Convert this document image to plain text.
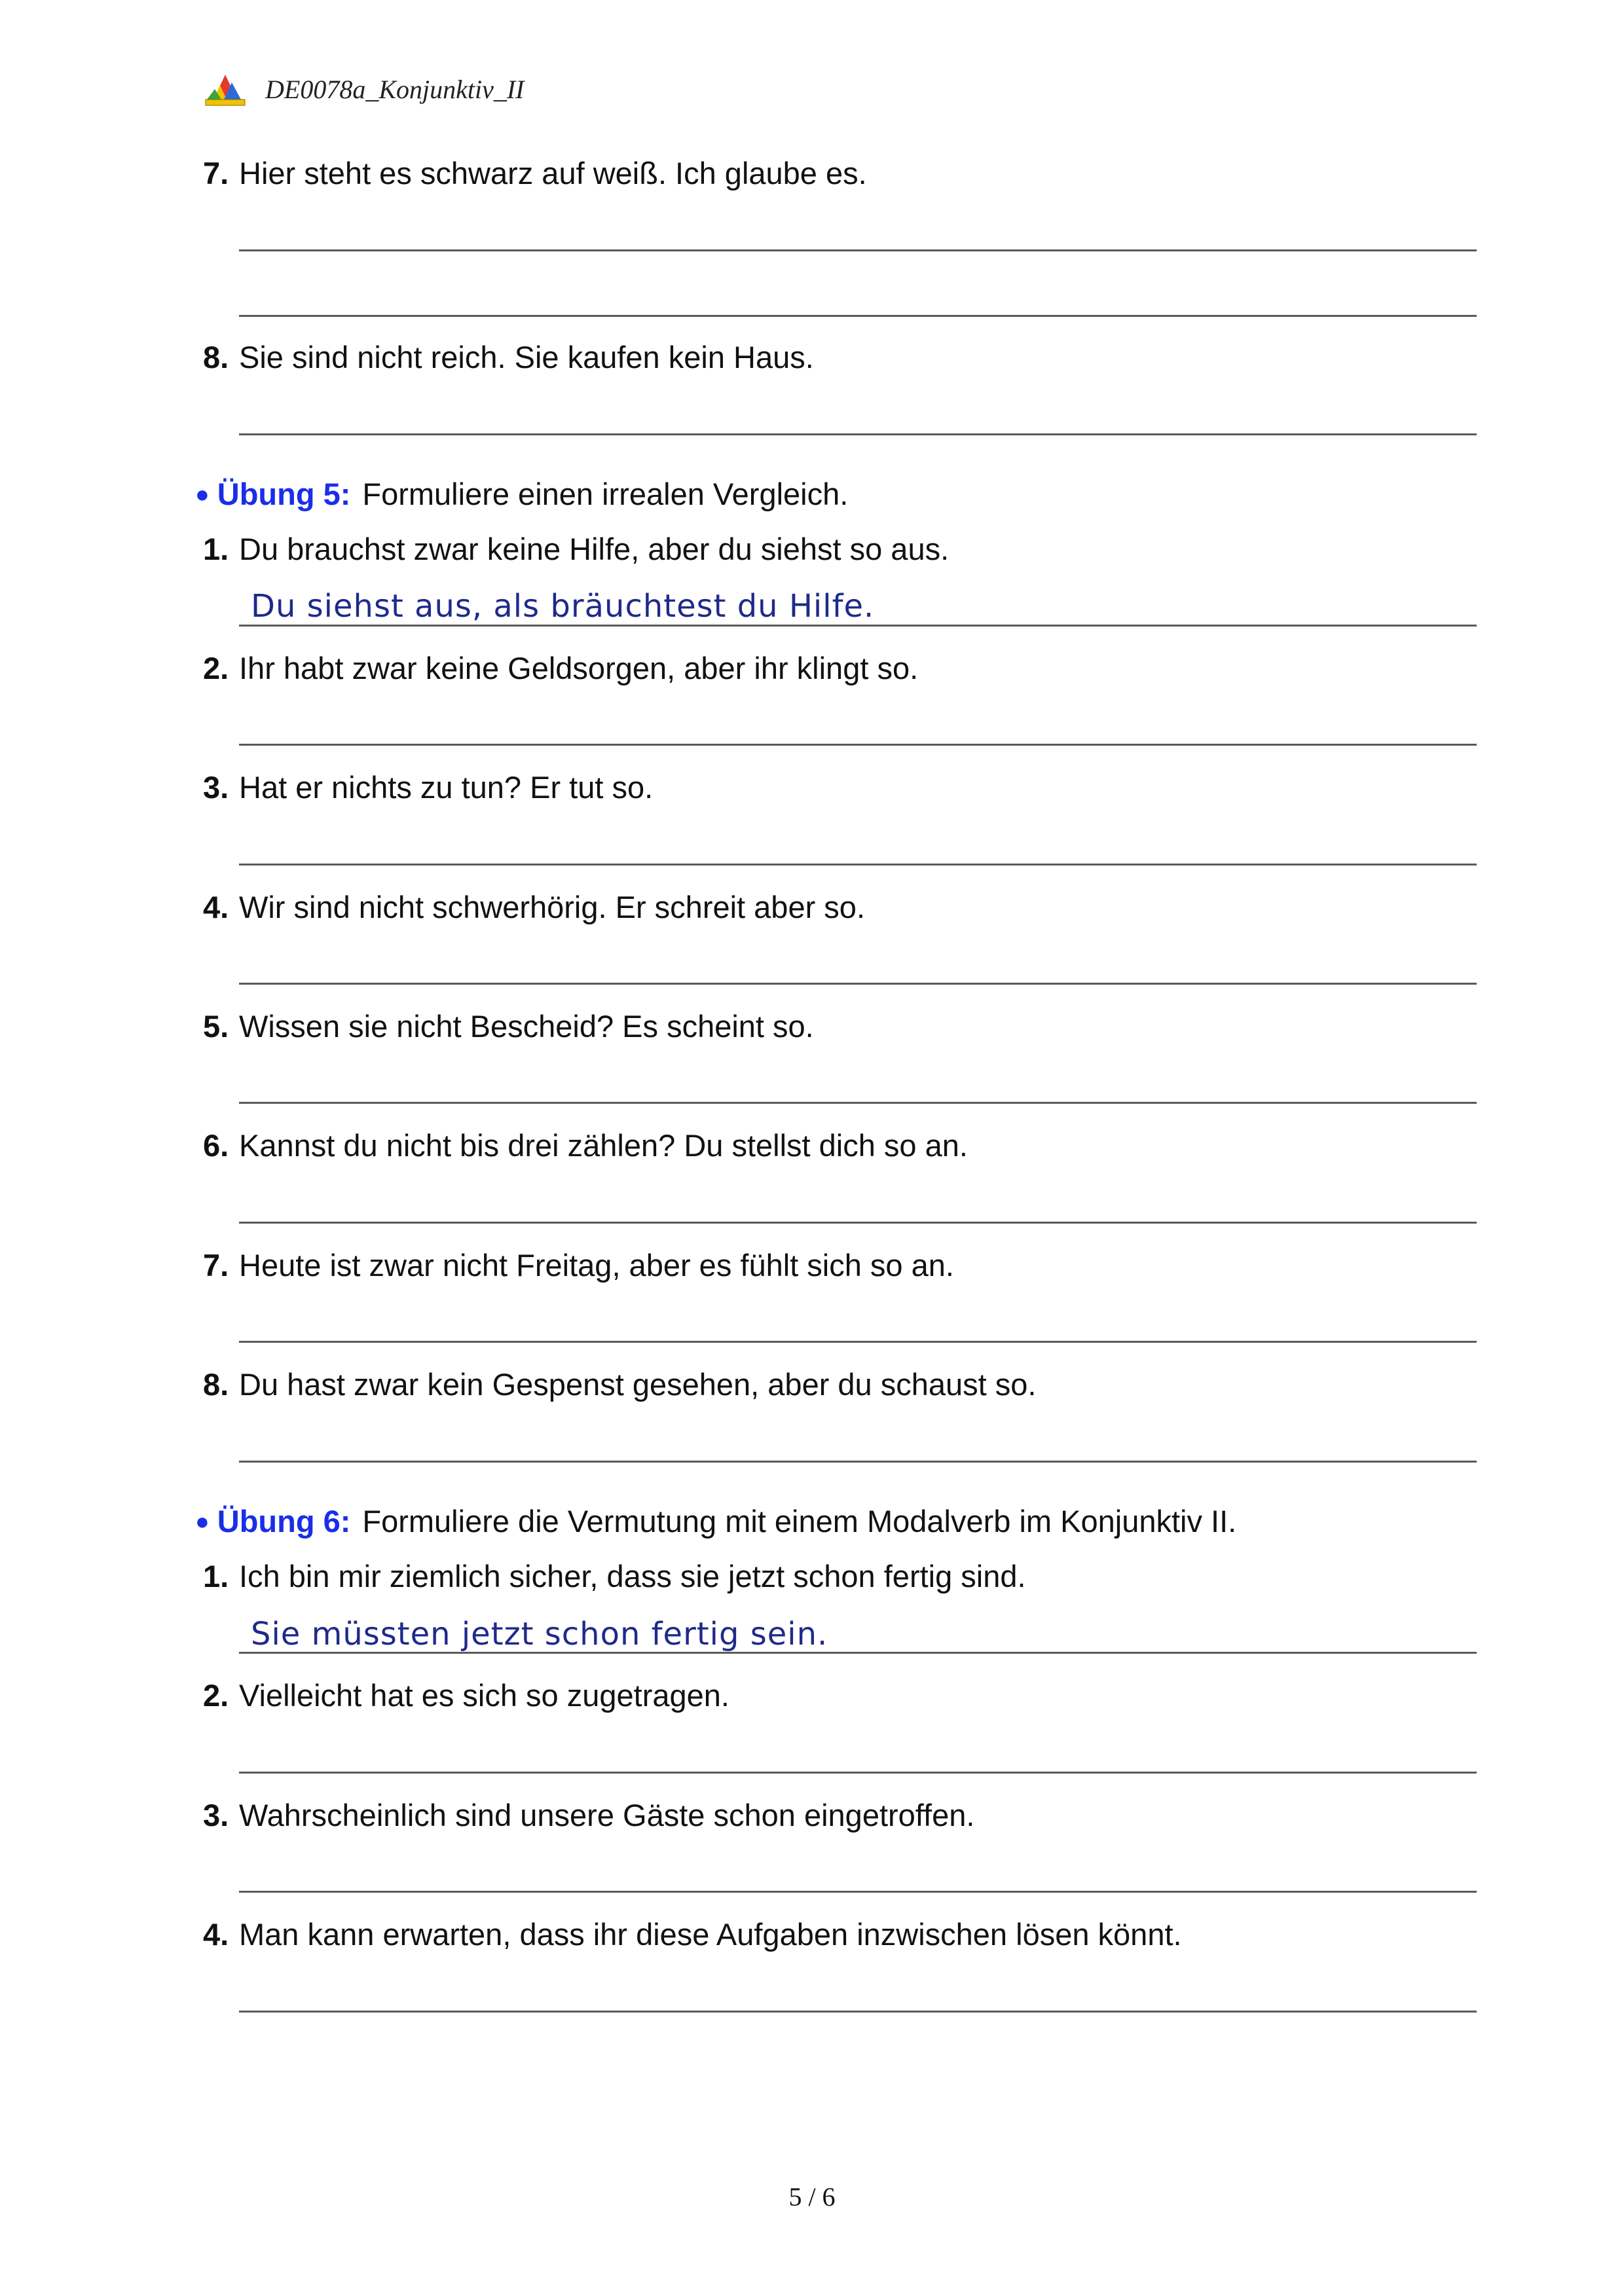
DE0078a_Konjunktiv_II
7. Hier steht es schwarz auf weiß. Ich glaube es.
8. Sie sind nicht reich. Sie kaufen kein Haus.
● Übung 5: Formuliere einen irrealen Vergleich.
1. Du brauchst zwar keine Hilfe, aber du siehst so aus.
Du siehst aus, als bräuchtest du Hilfe.
2. Ihr habt zwar keine Geldsorgen, aber ihr klingt so.
3. Hat er nichts zu tun? Er tut so.
4. Wir sind nicht schwerhörig. Er schreit aber so.
5. Wissen sie nicht Bescheid? Es scheint so.
6. Kannst du nicht bis drei zählen? Du stellst dich so an.
7. Heute ist zwar nicht Freitag, aber es fühlt sich so an.
8. Du hast zwar kein Gespenst gesehen, aber du schaust so.
● Übung 6: Formuliere die Vermutung mit einem Modalverb im Konjunktiv II.
1. Ich bin mir ziemlich sicher, dass sie jetzt schon fertig sind.
Sie müssten jetzt schon fertig sein.
2. Vielleicht hat es sich so zugetragen.
3. Wahrscheinlich sind unsere Gäste schon eingetroffen.
4. Man kann erwarten, dass ihr diese Aufgaben inzwischen lösen könnt.
5 / 6
